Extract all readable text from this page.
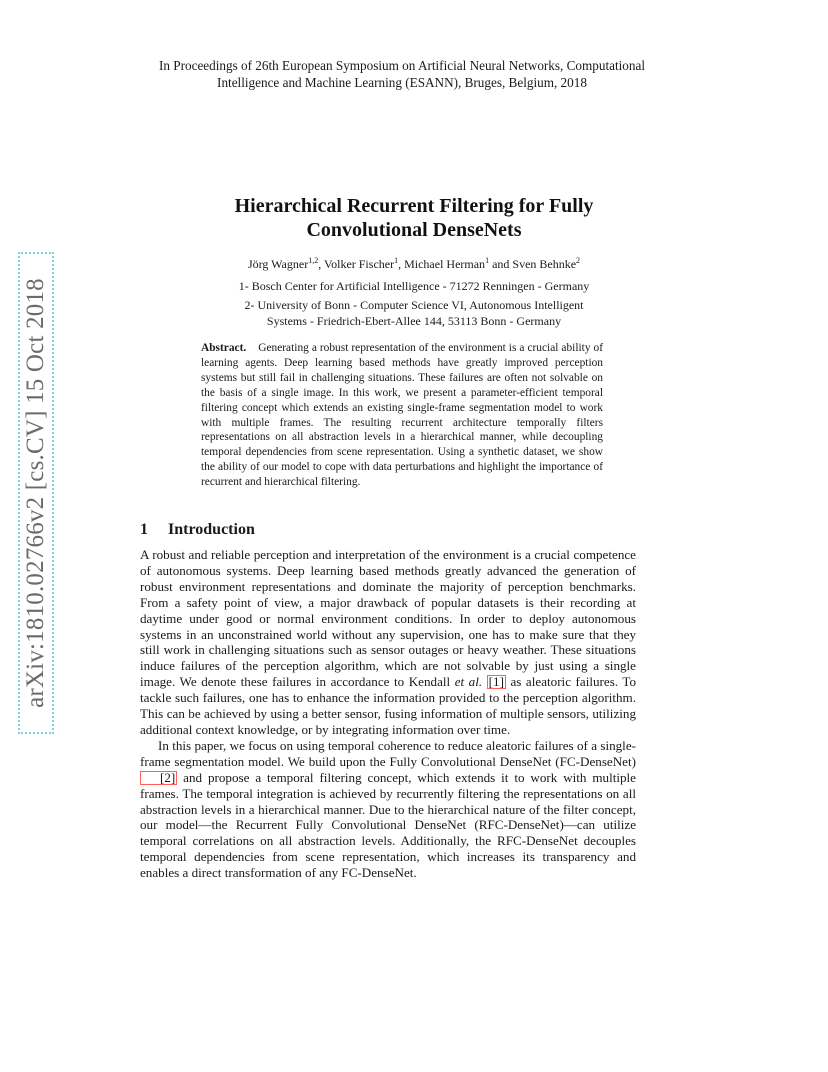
arXiv:1810.02766v2 [cs.CV] 15 Oct 2018
In Proceedings of 26th European Symposium on Artificial Neural Networks, Computational
Intelligence and Machine Learning (ESANN), Bruges, Belgium, 2018
Hierarchical Recurrent Filtering for Fully
Convolutional DenseNets
Jörg Wagner$^{1,2}$, Volker Fischer$^1$, Michael Herman$^1$ and Sven Behnke$^2$
1- Bosch Center for Artificial Intelligence - 71272 Renningen - Germany
2- University of Bonn - Computer Science VI, Autonomous Intelligent
Systems - Friedrich-Ebert-Allee 144, 53113 Bonn - Germany
Abstract. Generating a robust representation of the environment is a crucial ability of learning agents. Deep learning based methods have greatly improved perception systems but still fail in challenging situations. These failures are often not solvable on the basis of a single image. In this work, we present a parameter-efficient temporal filtering concept which extends an existing single-frame segmentation model to work with multiple frames. The resulting recurrent architecture temporally filters representations on all abstraction levels in a hierarchical manner, while decoupling temporal dependencies from scene representation. Using a synthetic dataset, we show the ability of our model to cope with data perturbations and highlight the importance of recurrent and hierarchical filtering.
1 Introduction

A robust and reliable perception and interpretation of the environment is a crucial competence of autonomous systems. Deep learning based methods greatly advanced the generation of robust environment representations and dominate the majority of perception benchmarks. From a safety point of view, a major drawback of popular datasets is their recording at daytime under good or normal environment conditions. In order to deploy autonomous systems in an unconstrained world without any supervision, one has to make sure that they still work in challenging situations such as sensor outages or heavy weather. These situations induce failures of the perception algorithm, which are not solvable by just using a single image. We denote these failures in accordance to Kendall et al. [1] as aleatoric failures. To tackle such failures, one has to enhance the information provided to the perception algorithm. This can be achieved by using a better sensor, fusing information of multiple sensors, utilizing additional context knowledge, or by integrating information over time.

In this paper, we focus on using temporal coherence to reduce aleatoric failures of a single-frame segmentation model. We build upon the Fully Convolutional DenseNet (FC-DenseNet) [2] and propose a temporal filtering concept, which extends it to work with multiple frames. The temporal integration is achieved by recurrently filtering the representations on all abstraction levels in a hierarchical manner. Due to the hierarchical nature of the filter concept, our model—the Recurrent Fully Convolutional DenseNet (RFC-DenseNet)—can utilize temporal correlations on all abstraction levels. Additionally, the RFC-DenseNet decouples temporal dependencies from scene representation, which increases its transparency and enables a direct transformation of any FC-DenseNet.
